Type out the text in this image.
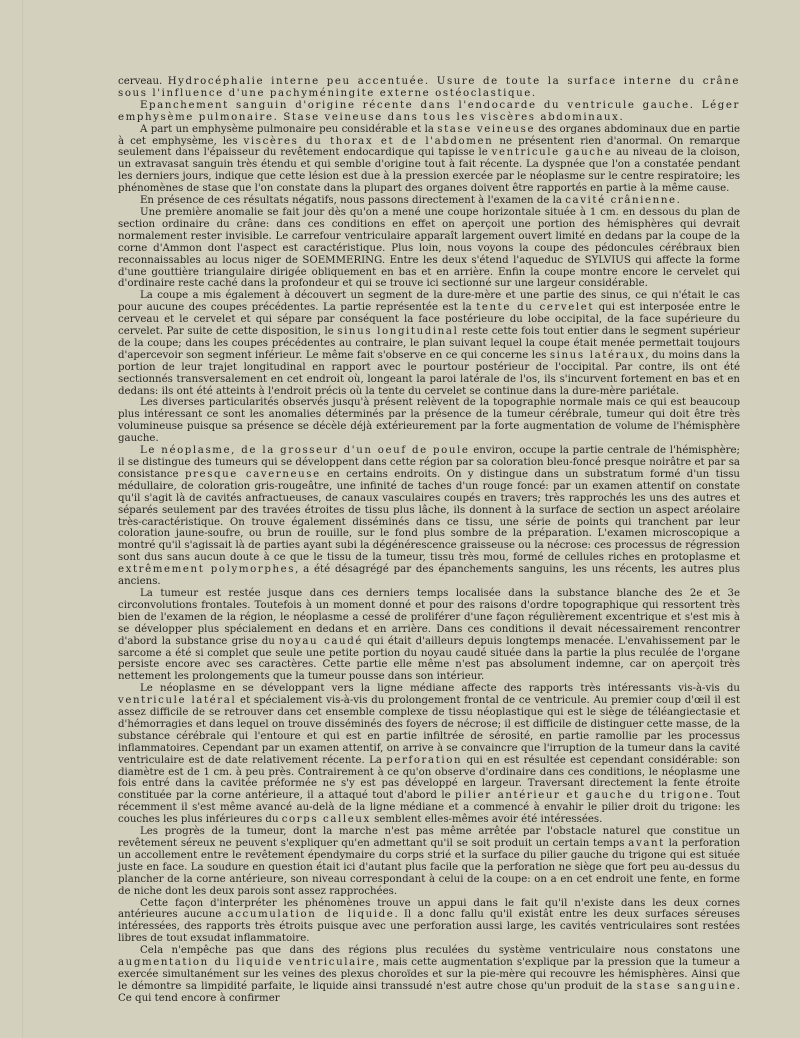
cerveau. Hydrocéphalie interne peu accentuée. Usure de toute la surface interne du crâne sous l'influence d'une pachyméningite externe ostéoclastique.

Epanchement sanguin d'origine récente dans l'endocarde du ventricule gauche. Léger emphysème pulmonaire. Stase veineuse dans tous les viscères abdominaux.

A part un emphysème pulmonaire peu considérable et la stase veineuse des organes abdominaux due en partie à cet emphysème, les viscères du thorax et de l'abdomen ne présentent rien d'anormal. On remarque seulement dans l'épaisseur du revêtement endocardique qui tapisse le ventricule gauche au niveau de la cloison, un extravasat sanguin très étendu et qui semble d'origine tout à fait récente. La dyspnée que l'on a constatée pendant les derniers jours, indique que cette lésion est due à la pression exercée par le néoplasme sur le centre respiratoire; les phénomènes de stase que l'on constate dans la plupart des organes doivent être rapportés en partie à la même cause.

En présence de ces résultats négatifs, nous passons directement à l'examen de la cavité crânienne.

Une première anomalie se fait jour dès qu'on a mené une coupe horizontale située à 1 cm. en dessous du plan de section ordinaire du crâne: dans ces conditions en effet on aperçoit une portion des hémisphères qui devrait normalement rester invisible. Le carrefour ventriculaire apparaît largement ouvert limité en dedans par la coupe de la corne d'Ammon dont l'aspect est caractéristique. Plus loin, nous voyons la coupe des pédoncules cérébraux bien reconnaissables au locus niger de SOEMMERING. Entre les deux s'étend l'aqueduc de SYLVIUS qui affecte la forme d'une gouttière triangulaire dirigée obliquement en bas et en arrière. Enfin la coupe montre encore le cervelet qui d'ordinaire reste caché dans la profondeur et qui se trouve ici sectionné sur une largeur considérable.

La coupe a mis également à découvert un segment de la dure-mère et une partie des sinus, ce qui n'était le cas pour aucune des coupes précédentes. La partie représentée est la tente du cervelet qui est interposée entre le cerveau et le cervelet et qui sépare par conséquent la face postérieure du lobe occipital, de la face supérieure du cervelet. Par suite de cette disposition, le sinus longitudinal reste cette fois tout entier dans le segment supérieur de la coupe; dans les coupes précédentes au contraire, le plan suivant lequel la coupe était menée permettait toujours d'apercevoir son segment inférieur. Le même fait s'observe en ce qui concerne les sinus latéraux, du moins dans la portion de leur trajet longitudinal en rapport avec le pourtour postérieur de l'occipital. Par contre, ils ont été sectionnés transversalement en cet endroit où, longeant la paroi latérale de l'os, ils s'incurvent fortement en bas et en dedans: ils ont été atteints à l'endroit précis où la tente du cervelet se continue dans la dure-mère pariétale.

Les diverses particularités observés jusqu'à présent relèvent de la topographie normale mais ce qui est beaucoup plus intéressant ce sont les anomalies déterminés par la présence de la tumeur cérébrale, tumeur qui doit être très volumineuse puisque sa présence se décèle déjà extérieurement par la forte augmentation de volume de l'hémisphère gauche.

Le néoplasme, de la grosseur d'un oeuf de poule environ, occupe la partie centrale de l'hémisphère; il se distingue des tumeurs qui se développent dans cette région par sa coloration bleu-foncé presque noirâtre et par sa consistance presque caverneuse en certains endroits. On y distingue dans un substratum formé d'un tissu médullaire, de coloration gris-rougeâtre, une infinité de taches d'un rouge foncé: par un examen attentif on constate qu'il s'agit là de cavités anfractueuses, de canaux vasculaires coupés en travers; très rapprochés les uns des autres et séparés seulement par des travées étroites de tissu plus lâche, ils donnent à la surface de section un aspect aréolaire très-caractéristique. On trouve également disséminés dans ce tissu, une série de points qui tranchent par leur coloration jaune-soufre, ou brun de rouille, sur le fond plus sombre de la préparation. L'examen microscopique a montré qu'il s'agissait là de parties ayant subi la dégénérescence graisseuse ou la nécrose: ces processus de régression sont dus sans aucun doute à ce que le tissu de la tumeur, tissu très mou, formé de cellules riches en protoplasme et extrêmement polymorphes, a été désagrégé par des épanchements sanguins, les uns récents, les autres plus anciens.

La tumeur est restée jusque dans ces derniers temps localisée dans la substance blanche des 2e et 3e circonvolutions frontales. Toutefois à un moment donné et pour des raisons d'ordre topographique qui ressortent très bien de l'examen de la région, le néoplasme a cessé de proliférer d'une façon régulièrement excentrique et s'est mis à se développer plus spécialement en dedans et en arrière. Dans ces conditions il devait nécessairement rencontrer d'abord la substance grise du noyau caudé qui était d'ailleurs depuis longtemps menacée. L'envahissement par le sarcome a été si complet que seule une petite portion du noyau caudé située dans la partie la plus reculée de l'organe persiste encore avec ses caractères. Cette partie elle même n'est pas absolument indemne, car on aperçoit très nettement les prolongements que la tumeur pousse dans son intérieur.

Le néoplasme en se développant vers la ligne médiane affecte des rapports très intéressants vis-à-vis du ventricule latéral et spécialement vis-à-vis du prolongement frontal de ce ventricule. Au premier coup d'œil il est assez difficile de se retrouver dans cet ensemble complexe de tissu néoplastique qui est le siège de téléangiectasie et d'hémorragies et dans lequel on trouve disséminés des foyers de nécrose; il est difficile de distinguer cette masse, de la substance cérébrale qui l'entoure et qui est en partie infiltrée de sérosité, en partie ramollie par les processus inflammatoires. Cependant par un examen attentif, on arrive à se convaincre que l'irruption de la tumeur dans la cavité ventriculaire est de date relativement récente. La perforation qui en est résultée est cependant considérable: son diamètre est de 1 cm. à peu près. Contrairement à ce qu'on observe d'ordinaire dans ces conditions, le néoplasme une fois entré dans la cavitée préformée ne s'y est pas développé en largeur. Traversant directement la fente étroite constituée par la corne antérieure, il a attaqué tout d'abord le pilier antérieur et gauche du trigone. Tout récemment il s'est même avancé au-delà de la ligne médiane et a commencé à envahir le pilier droit du trigone: les couches les plus inférieures du corps calleux semblent elles-mêmes avoir été intéressées.

Les progrès de la tumeur, dont la marche n'est pas même arrêtée par l'obstacle naturel que constitue un revêtement séreux ne peuvent s'expliquer qu'en admettant qu'il se soit produit un certain temps avant la perforation un accollement entre le revêtement épendymaire du corps strié et la surface du pilier gauche du trigone qui est située juste en face. La soudure en question était ici d'autant plus facile que la perforation ne siège que fort peu au-dessus du plancher de la corne antérieure, son niveau correspondant à celui de la coupe: on a en cet endroit une fente, en forme de niche dont les deux parois sont assez rapprochées.

Cette façon d'interpréter les phénomènes trouve un appui dans le fait qu'il n'existe dans les deux cornes antérieures aucune accumulation de liquide. Il a donc fallu qu'il existât entre les deux surfaces séreuses intéressées, des rapports très étroits puisque avec une perforation aussi large, les cavités ventriculaires sont restées libres de tout exsudat inflammatoire.

Cela n'empêche pas que dans des régions plus reculées du système ventriculaire nous constatons une augmentation du liquide ventriculaire, mais cette augmentation s'explique par la pression que la tumeur a exercée simultanément sur les veines des plexus choroïdes et sur la pie-mère qui recouvre les hémisphères. Ainsi que le démontre sa limpidité parfaite, le liquide ainsi transsudé n'est autre chose qu'un produit de la stase sanguine. Ce qui tend encore à confirmer
